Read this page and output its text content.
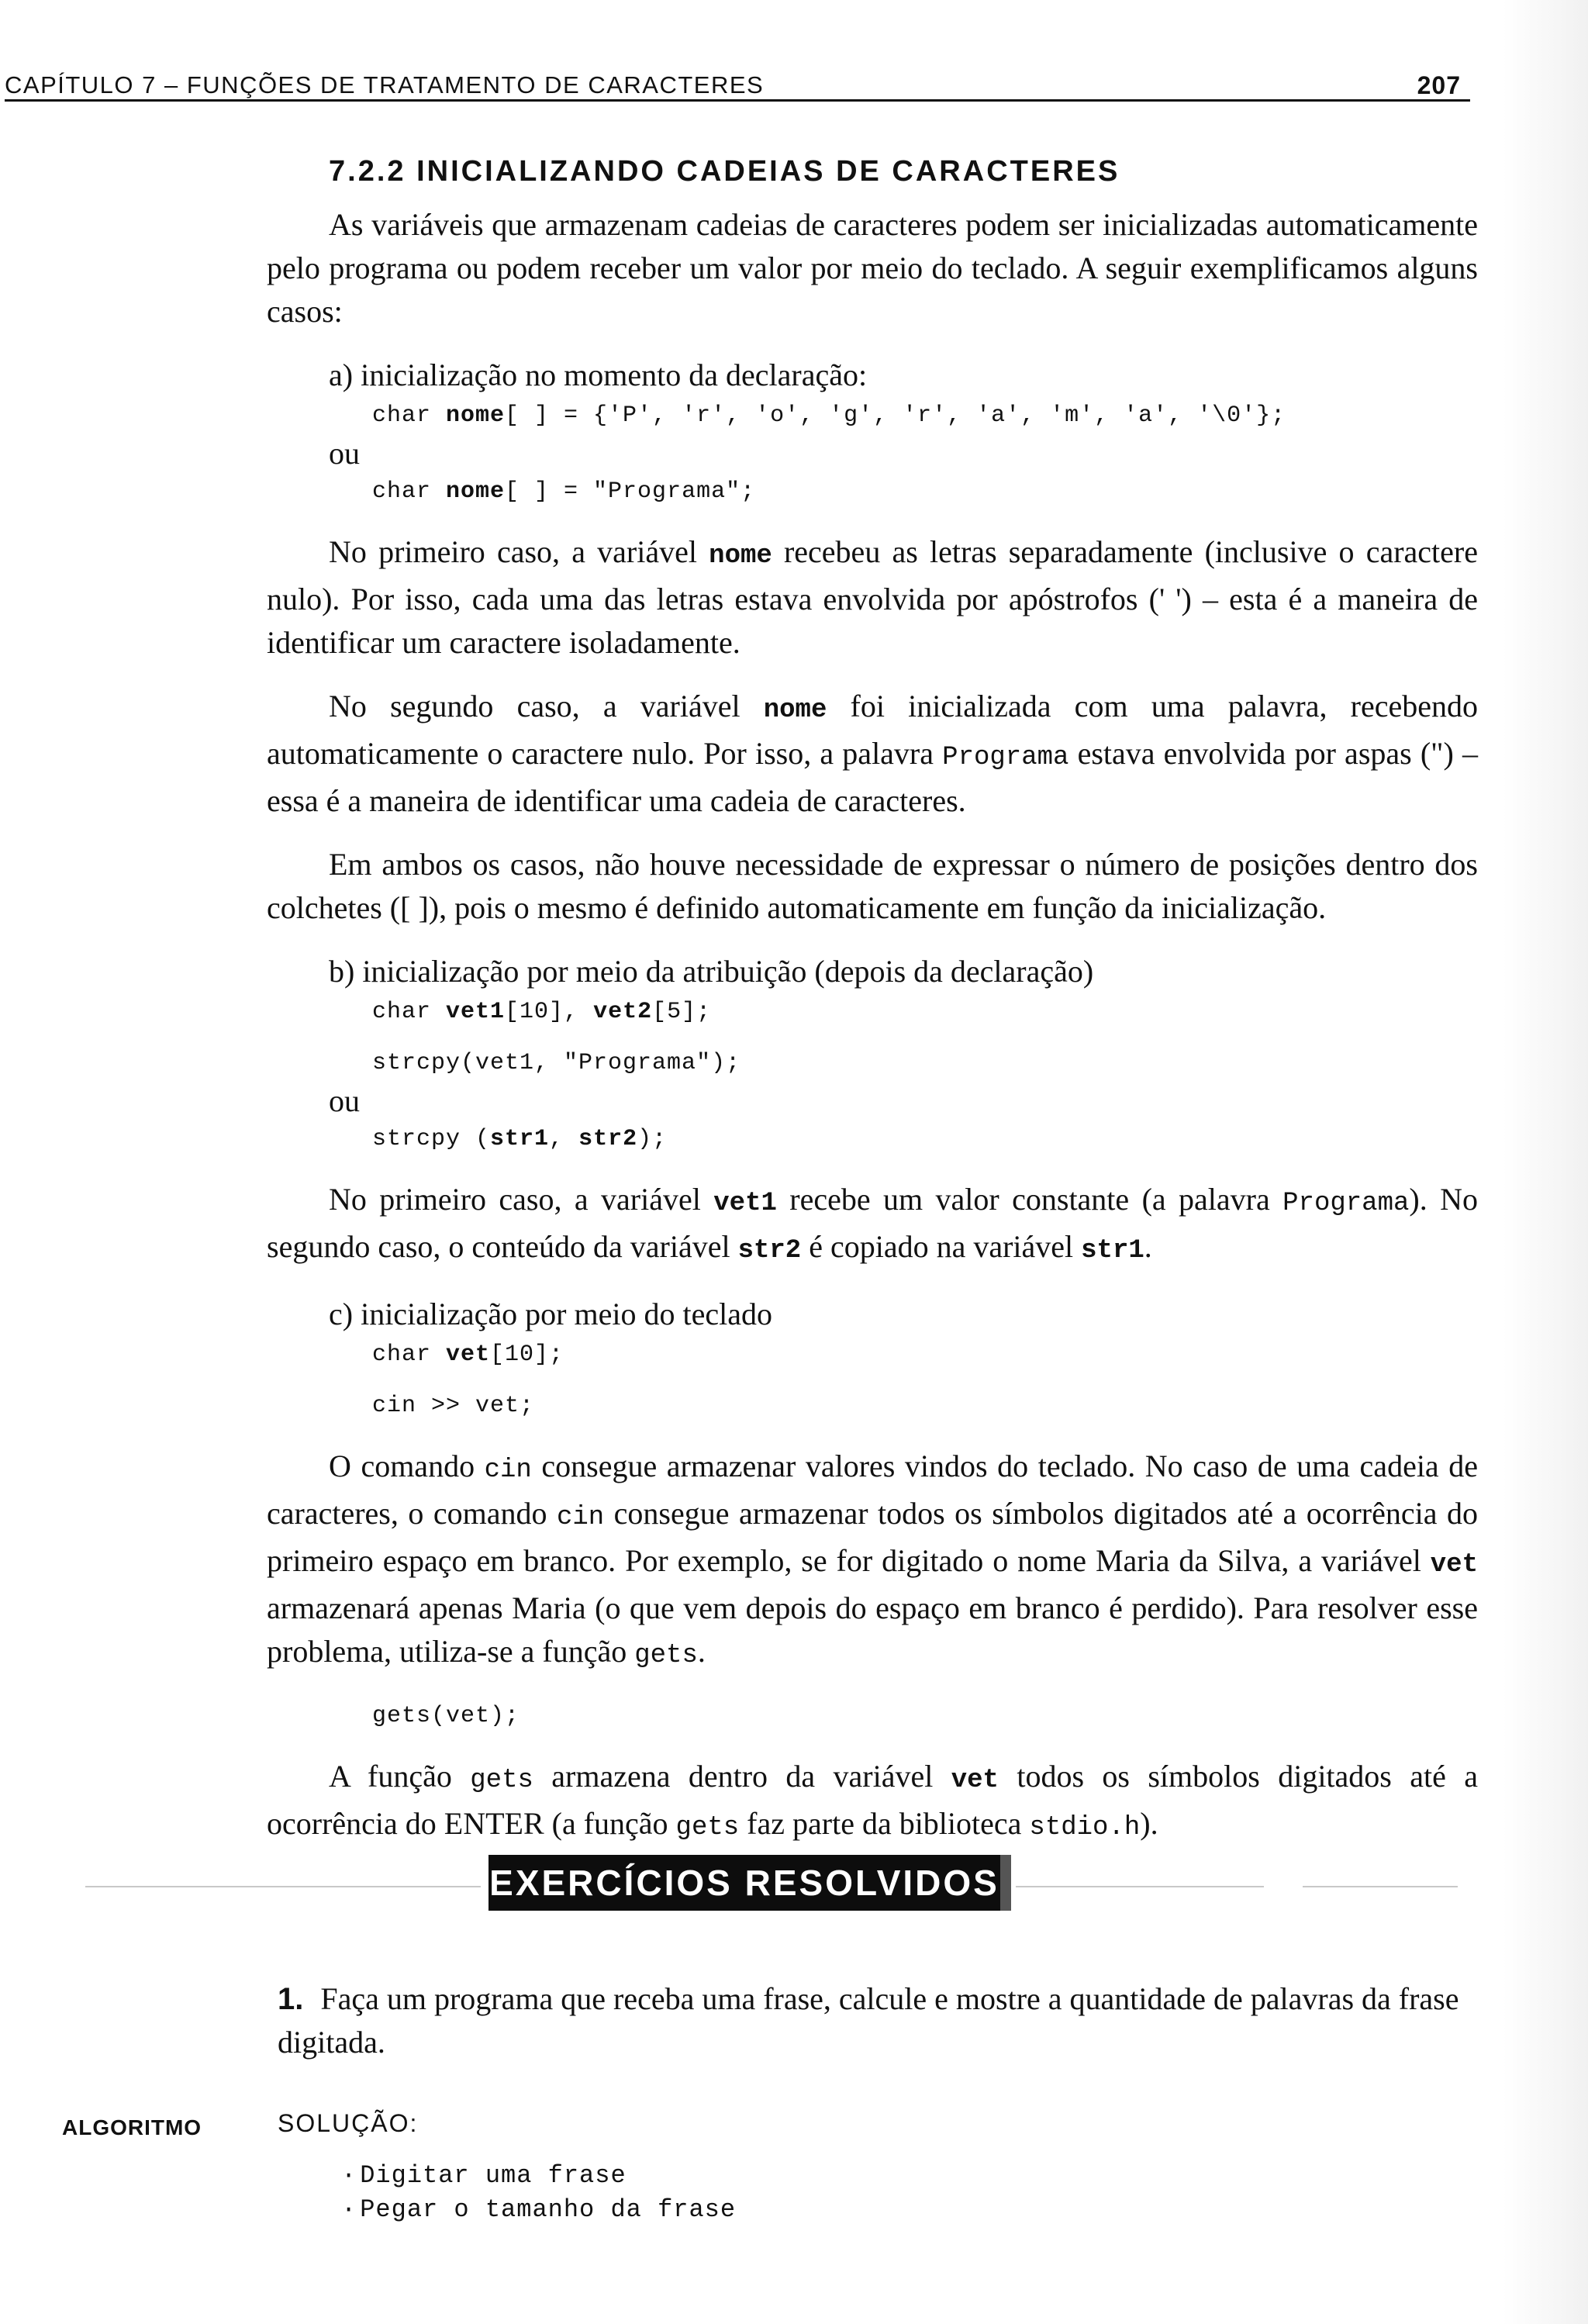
CAPÍTULO 7 – FUNÇÕES DE TRATAMENTO DE CARACTERES	207
7.2.2 INICIALIZANDO CADEIAS DE CARACTERES

As variáveis que armazenam cadeias de caracteres podem ser inicializadas automaticamente pelo programa ou podem receber um valor por meio do teclado. A seguir exemplificamos alguns casos:

a) inicialização no momento da declaração:
char nome[ ] = {'P', 'r', 'o', 'g', 'r', 'a', 'm', 'a', '\0'};
ou
char nome[ ] = "Programa";

No primeiro caso, a variável nome recebeu as letras separadamente (inclusive o caractere nulo). Por isso, cada uma das letras estava envolvida por apóstrofos (' ') – esta é a maneira de identificar um caractere isoladamente.

No segundo caso, a variável nome foi inicializada com uma palavra, recebendo automaticamente o caractere nulo. Por isso, a palavra Programa estava envolvida por aspas (") – essa é a maneira de identificar uma cadeia de caracteres.

Em ambos os casos, não houve necessidade de expressar o número de posições dentro dos colchetes ([ ]), pois o mesmo é definido automaticamente em função da inicialização.

b) inicialização por meio da atribuição (depois da declaração)
char vet1[10], vet2[5];
strcpy(vet1, "Programa");
ou
strcpy (str1, str2);

No primeiro caso, a variável vet1 recebe um valor constante (a palavra Programa). No segundo caso, o conteúdo da variável str2 é copiado na variável str1.

c) inicialização por meio do teclado
char vet[10];
cin >> vet;

O comando cin consegue armazenar valores vindos do teclado. No caso de uma cadeia de caracteres, o comando cin consegue armazenar todos os símbolos digitados até a ocorrência do primeiro espaço em branco. Por exemplo, se for digitado o nome Maria da Silva, a variável vet armazenará apenas Maria (o que vem depois do espaço em branco é perdido). Para resolver esse problema, utiliza-se a função gets.

gets(vet);

A função gets armazena dentro da variável vet todos os símbolos digitados até a ocorrência do ENTER (a função gets faz parte da biblioteca stdio.h).

EXERCÍCIOS RESOLVIDOS
1. Faça um programa que receba uma frase, calcule e mostre a quantidade de palavras da frase digitada.
ALGORITMO	SOLUÇÃO:
· Digitar uma frase
· Pegar o tamanho da frase
